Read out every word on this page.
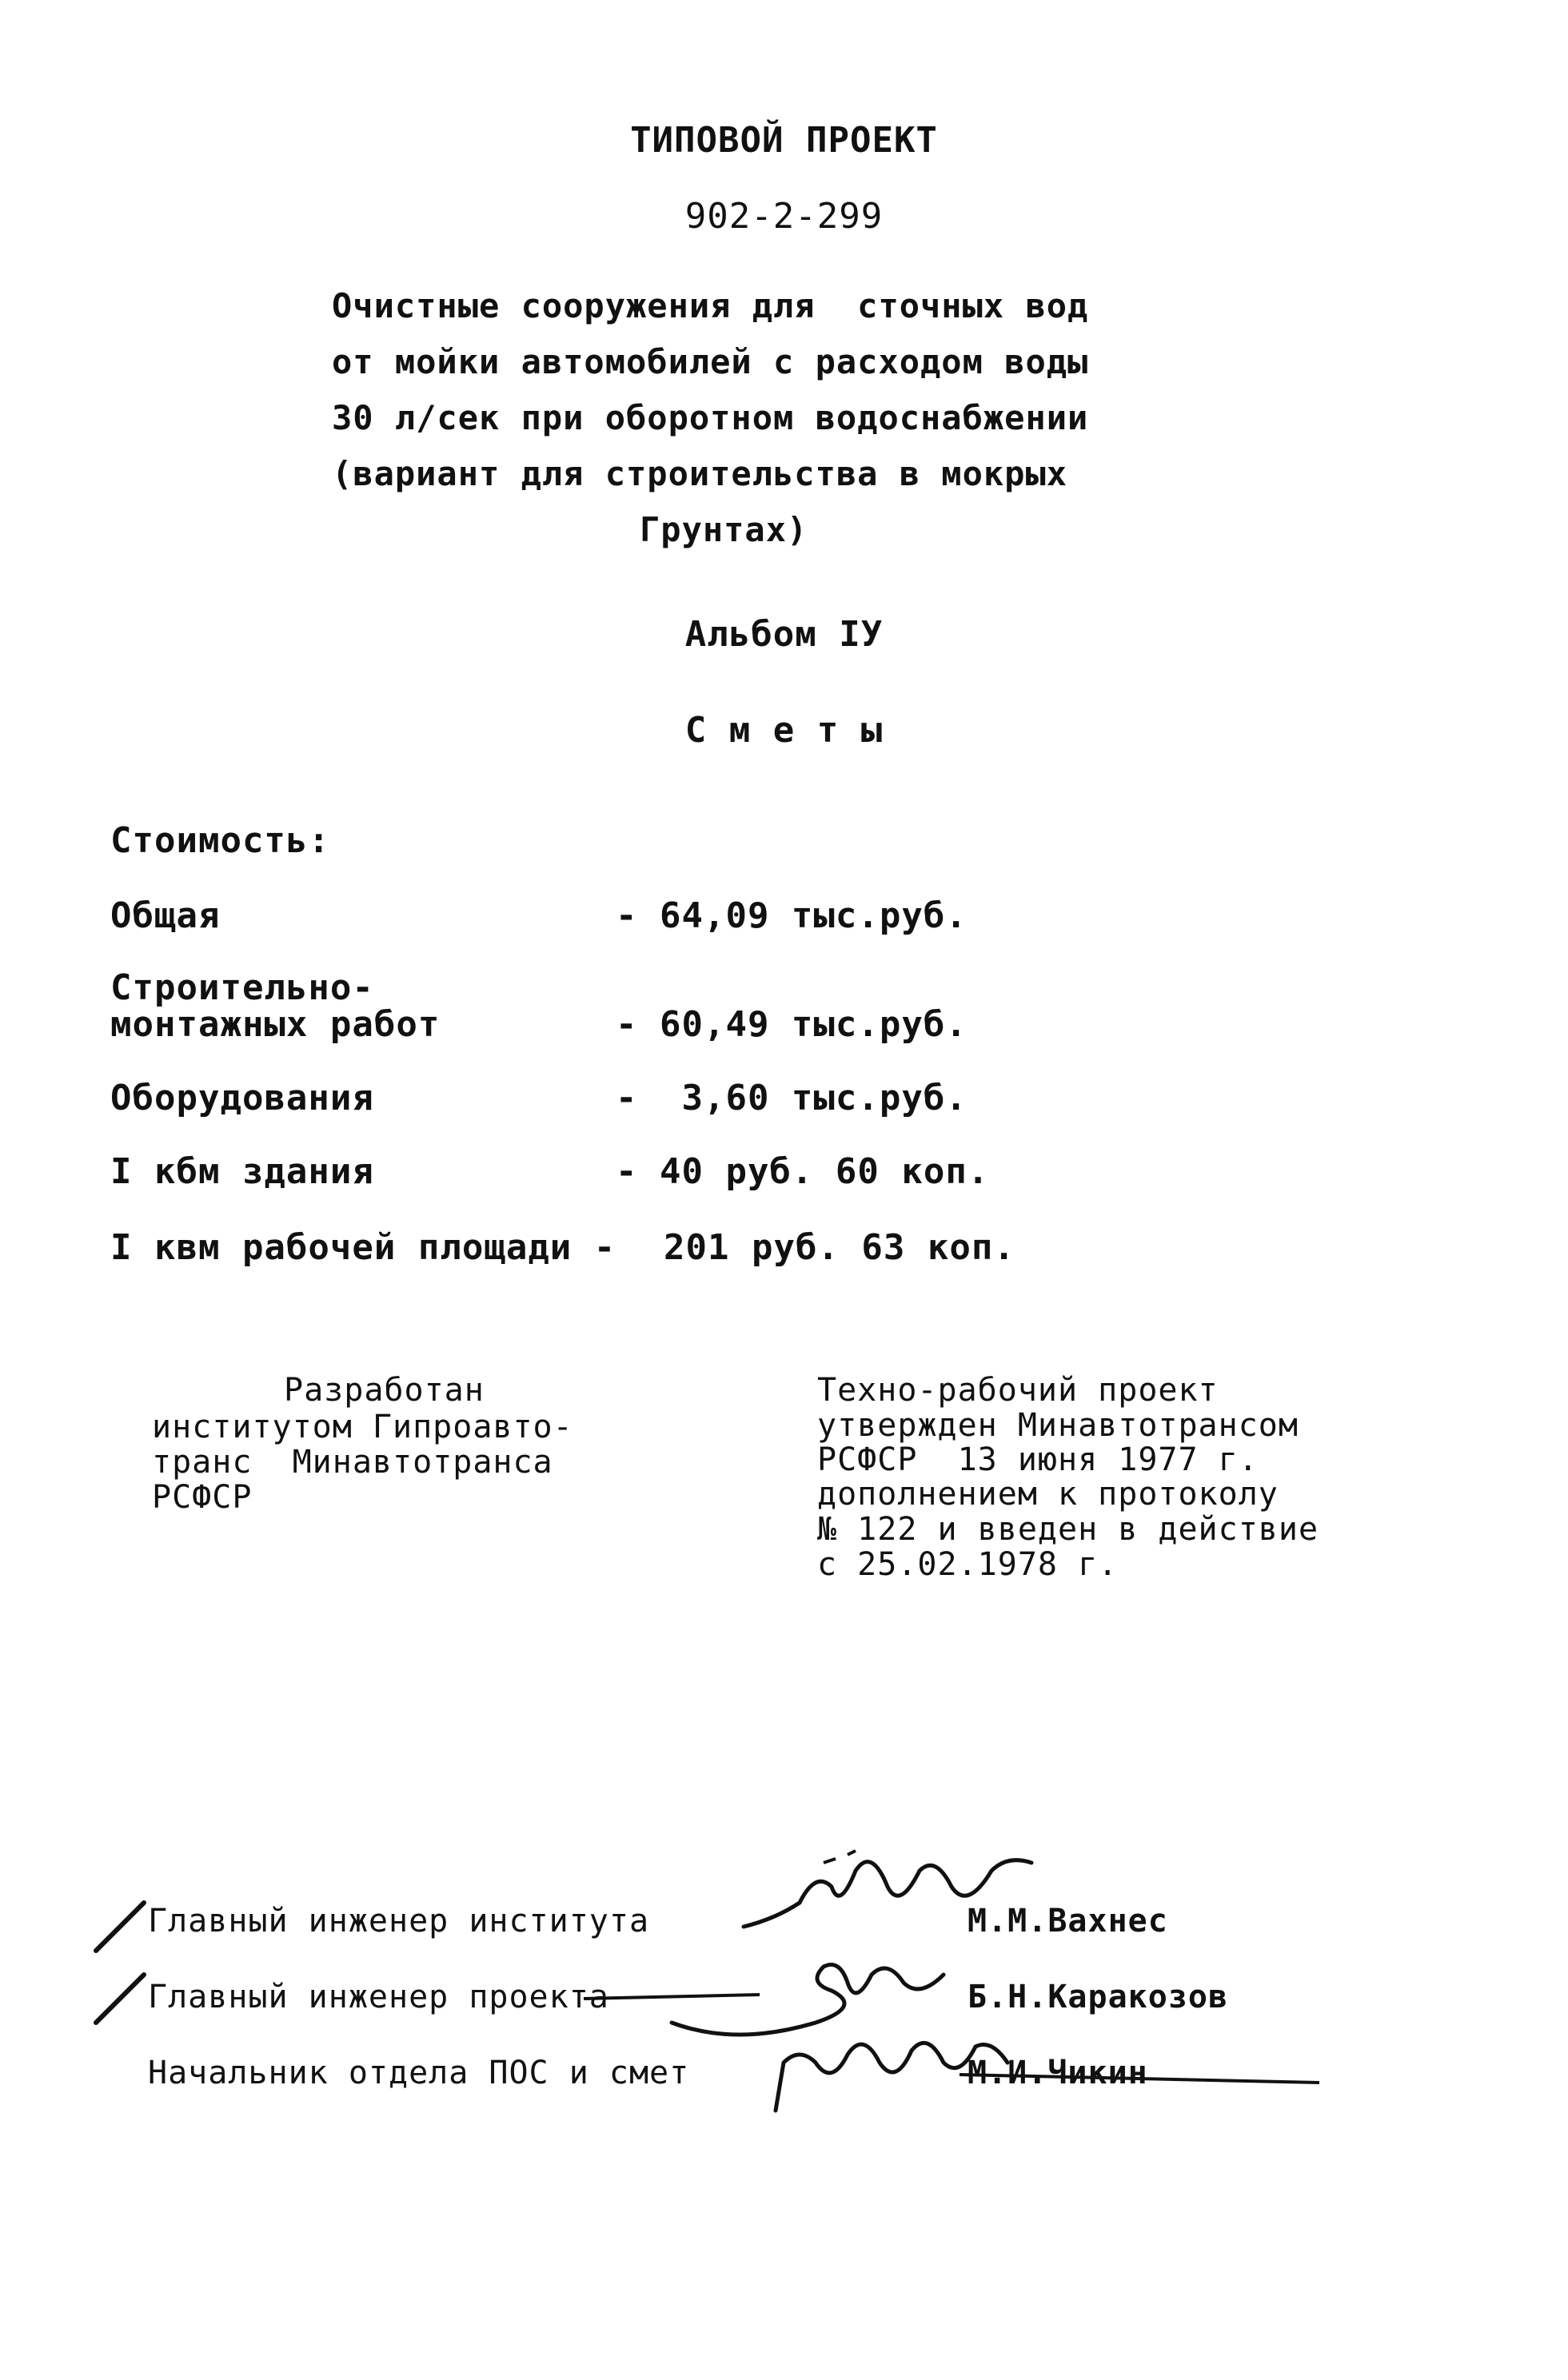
ТИПОВОЙ ПРОЕКТ
902-2-299
Очистные сооружения для  сточных вод
от мойки автомобилей с расходом воды
30 л/сек при оборотном водоснабжении
(вариант для строительства в мокрых
Грунтах)
Альбом IУ
С м е т ы
Стоимость:
Общая	- 64,09 тыс.руб.
Строительно-
монтажных работ	- 60,49 тыс.руб.
Оборудования	-  3,60 тыс.руб.
I кбм здания	- 40 руб. 60 коп.
I квм рабочей площади - 201 руб. 63 коп.
Разработан
институтом Гипроавто-
транс  Минавтотранса
РСФСР
Техно-рабочий проект
утвержден Минавтотрансом
РСФСР  13 июня 1977 г.
дополнением к протоколу
№ 122 и введен в действие
с 25.02.1978 г.
Главный инженер института	М.М.Вахнес
Главный инженер проекта	Б.Н.Каракозов
Начальник отдела ПОС и смет	М.И.Чикин
